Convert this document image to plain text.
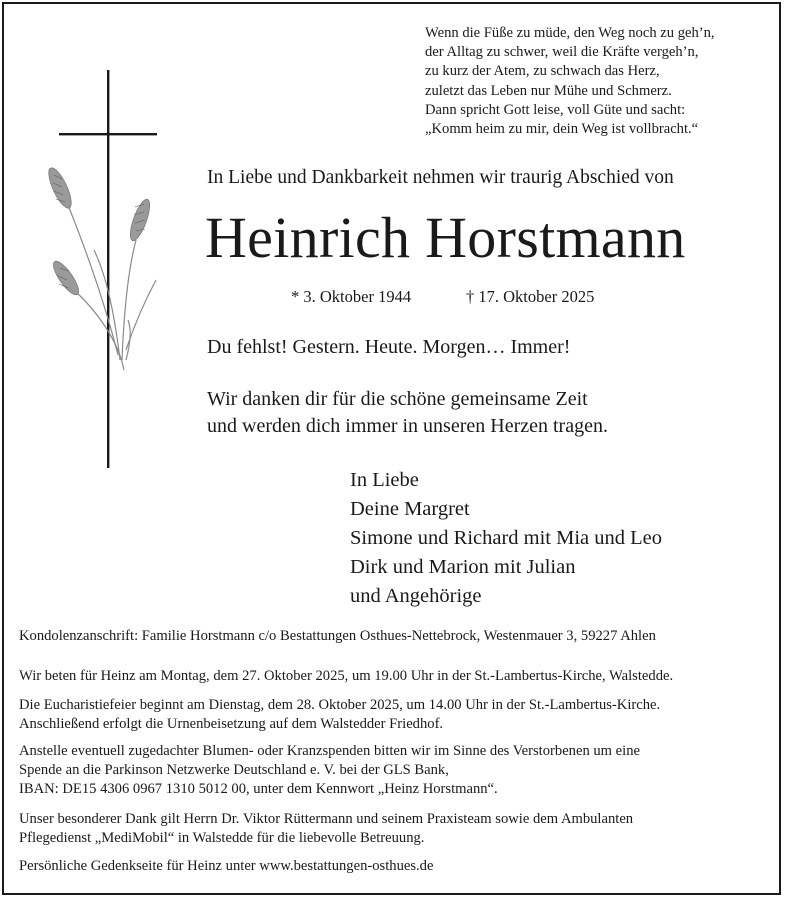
Wenn die Füße zu müde, den Weg noch zu geh’n,
der Alltag zu schwer, weil die Kräfte vergeh’n,
zu kurz der Atem, zu schwach das Herz,
zuletzt das Leben nur Mühe und Schmerz.
Dann spricht Gott leise, voll Güte und sacht:
„Komm heim zu mir, dein Weg ist vollbracht.“
In Liebe und Dankbarkeit nehmen wir traurig Abschied von
Heinrich Horstmann
* 3. Oktober 1944	† 17. Oktober 2025
Du fehlst! Gestern. Heute. Morgen… Immer!
Wir danken dir für die schöne gemeinsame Zeit
und werden dich immer in unseren Herzen tragen.
In Liebe
Deine Margret
Simone und Richard mit Mia und Leo
Dirk und Marion mit Julian
und Angehörige
Kondolenzanschrift: Familie Horstmann c/o Bestattungen Osthues-Nettebrock, Westenmauer 3, 59227 Ahlen
Wir beten für Heinz am Montag, dem 27. Oktober 2025, um 19.00 Uhr in der St.-Lambertus-Kirche, Walstedde.
Die Eucharistiefeier beginnt am Dienstag, dem 28. Oktober 2025, um 14.00 Uhr in der St.-Lambertus-Kirche.
Anschließend erfolgt die Urnenbeisetzung auf dem Walstedder Friedhof.
Anstelle eventuell zugedachter Blumen- oder Kranzspenden bitten wir im Sinne des Verstorbenen um eine
Spende an die Parkinson Netzwerke Deutschland e. V. bei der GLS Bank,
IBAN: DE15 4306 0967 1310 5012 00, unter dem Kennwort „Heinz Horstmann“.
Unser besonderer Dank gilt Herrn Dr. Viktor Rüttermann und seinem Praxisteam sowie dem Ambulanten
Pflegedienst „MediMobil“ in Walstedde für die liebevolle Betreuung.
Persönliche Gedenkseite für Heinz unter www.bestattungen-osthues.de
